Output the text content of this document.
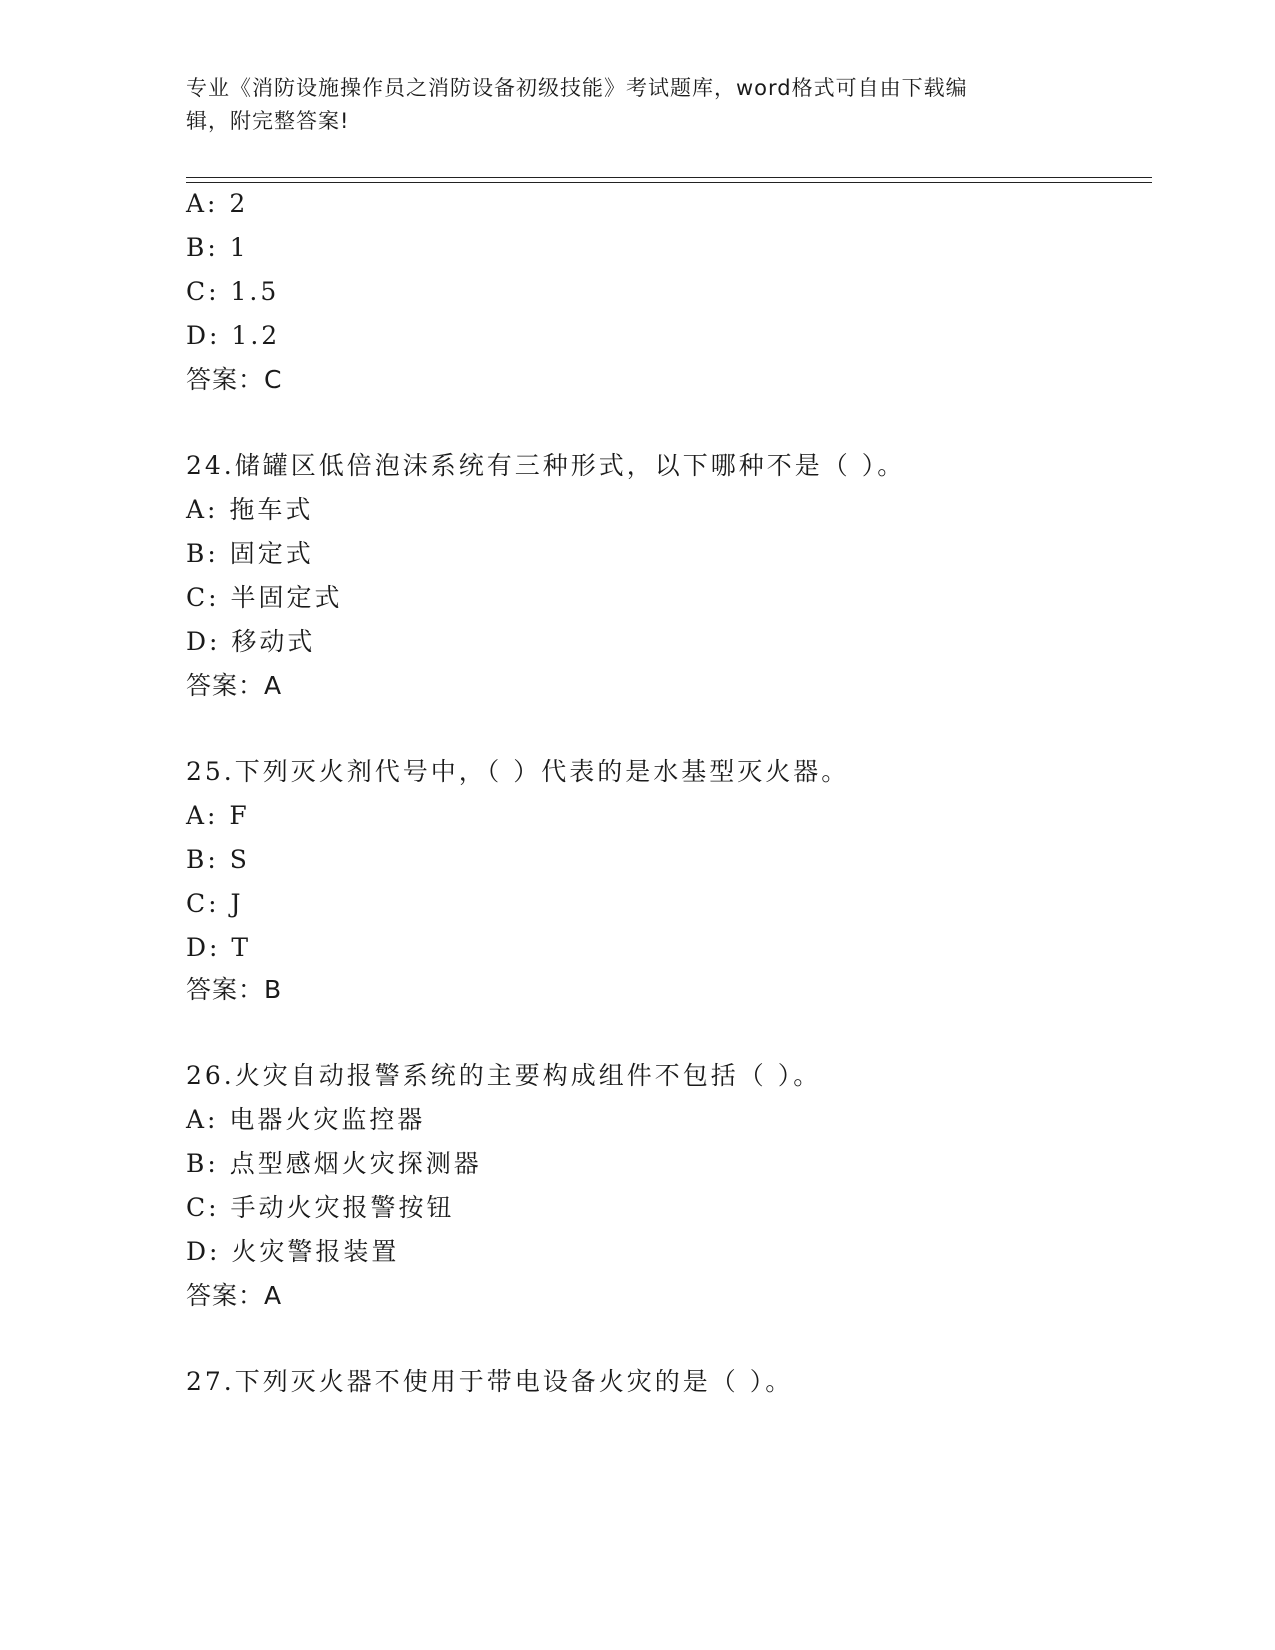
专业《消防设施操作员之消防设备初级技能》考试题库，word格式可自由下载编
辑，附完整答案!
A: 2
B: 1
C: 1.5
D: 1.2
答案：C
24.储罐区低倍泡沫系统有三种形式，以下哪种不是（ ）。
A: 拖车式
B: 固定式
C: 半固定式
D: 移动式
答案：A
25.下列灭火剂代号中，（ ）代表的是水基型灭火器。
A: F
B: S
C: J
D: T
答案：B
26.火灾自动报警系统的主要构成组件不包括（ ）。
A: 电器火灾监控器
B: 点型感烟火灾探测器
C: 手动火灾报警按钮
D: 火灾警报装置
答案：A
27.下列灭火器不使用于带电设备火灾的是（ ）。
